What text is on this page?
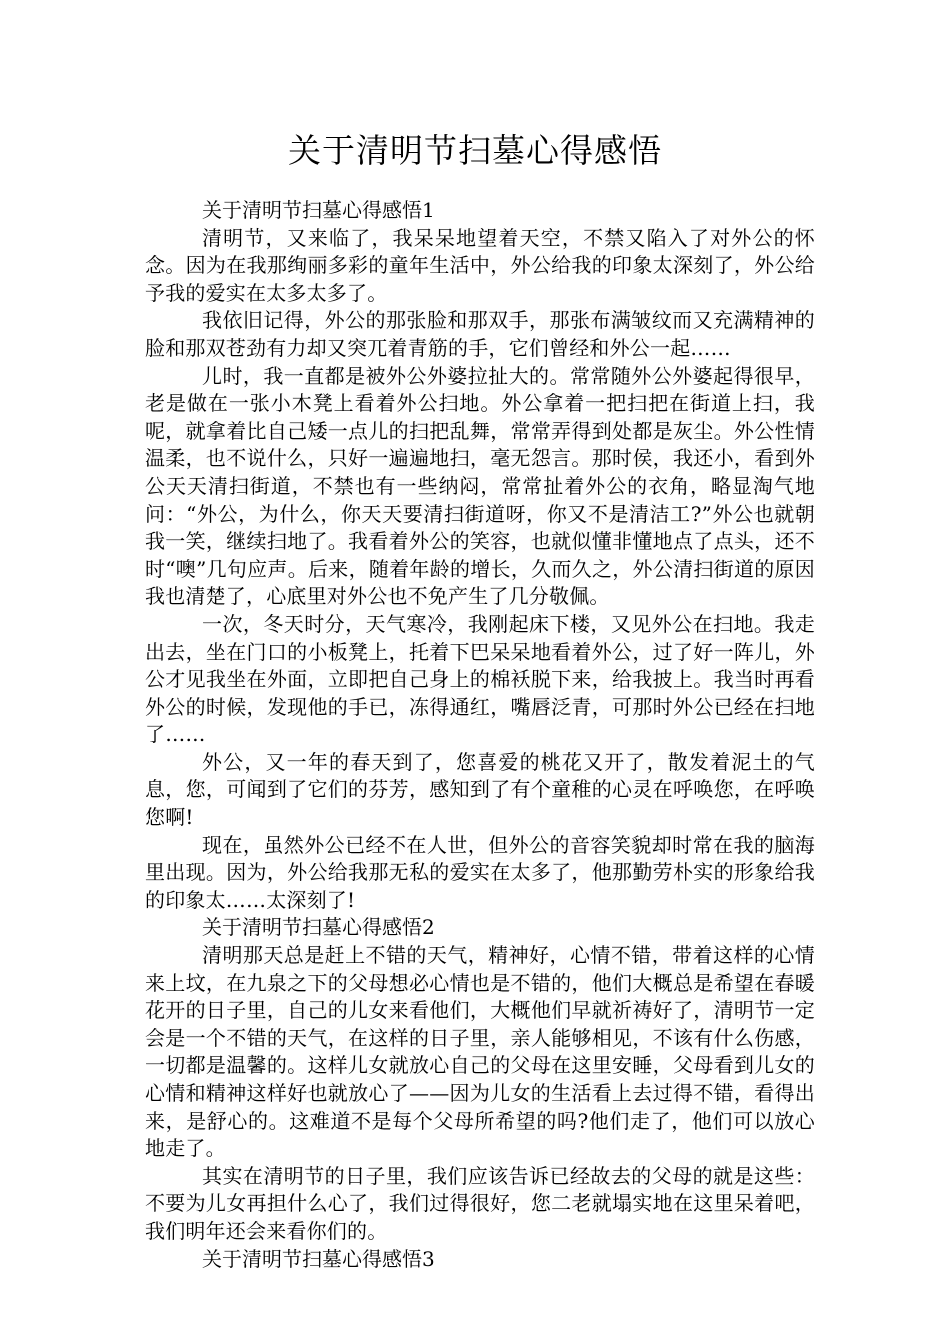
关于清明节扫墓心得感悟

关于清明节扫墓心得感悟1

清明节，又来临了，我呆呆地望着天空，不禁又陷入了对外公的怀念。因为在我那绚丽多彩的童年生活中，外公给我的印象太深刻了，外公给予我的爱实在太多太多了。

我依旧记得，外公的那张脸和那双手，那张布满皱纹而又充满精神的脸和那双苍劲有力却又突兀着青筋的手，它们曾经和外公一起……

儿时，我一直都是被外公外婆拉扯大的。常常随外公外婆起得很早，老是做在一张小木凳上看着外公扫地。外公拿着一把扫把在街道上扫，我呢，就拿着比自己矮一点儿的扫把乱舞，常常弄得到处都是灰尘。外公性情温柔，也不说什么，只好一遍遍地扫，毫无怨言。那时侯，我还小，看到外公天天清扫街道，不禁也有一些纳闷，常常扯着外公的衣角，略显淘气地问：“外公，为什么，你天天要清扫街道呀，你又不是清洁工?”外公也就朝我一笑，继续扫地了。我看着外公的笑容，也就似懂非懂地点了点头，还不时“噢”几句应声。后来，随着年龄的增长，久而久之，外公清扫街道的原因我也清楚了，心底里对外公也不免产生了几分敬佩。

一次，冬天时分，天气寒冷，我刚起床下楼，又见外公在扫地。我走出去，坐在门口的小板凳上，托着下巴呆呆地看着外公，过了好一阵儿，外公才见我坐在外面，立即把自己身上的棉袄脱下来，给我披上。我当时再看外公的时候，发现他的手已，冻得通红，嘴唇泛青，可那时外公已经在扫地了……

外公，又一年的春天到了，您喜爱的桃花又开了，散发着泥土的气息，您，可闻到了它们的芬芳，感知到了有个童稚的心灵在呼唤您，在呼唤您啊!

现在，虽然外公已经不在人世，但外公的音容笑貌却时常在我的脑海里出现。因为，外公给我那无私的爱实在太多了，他那勤劳朴实的形象给我的印象太……太深刻了!

关于清明节扫墓心得感悟2

清明那天总是赶上不错的天气，精神好，心情不错，带着这样的心情来上坟，在九泉之下的父母想必心情也是不错的，他们大概总是希望在春暖花开的日子里，自己的儿女来看他们，大概他们早就祈祷好了，清明节一定会是一个不错的天气，在这样的日子里，亲人能够相见，不该有什么伤感，一切都是温馨的。这样儿女就放心自己的父母在这里安睡，父母看到儿女的心情和精神这样好也就放心了——因为儿女的生活看上去过得不错，看得出来，是舒心的。这难道不是每个父母所希望的吗?他们走了，他们可以放心地走了。

其实在清明节的日子里，我们应该告诉已经故去的父母的就是这些：不要为儿女再担什么心了，我们过得很好，您二老就塌实地在这里呆着吧，我们明年还会来看你们的。

关于清明节扫墓心得感悟3
